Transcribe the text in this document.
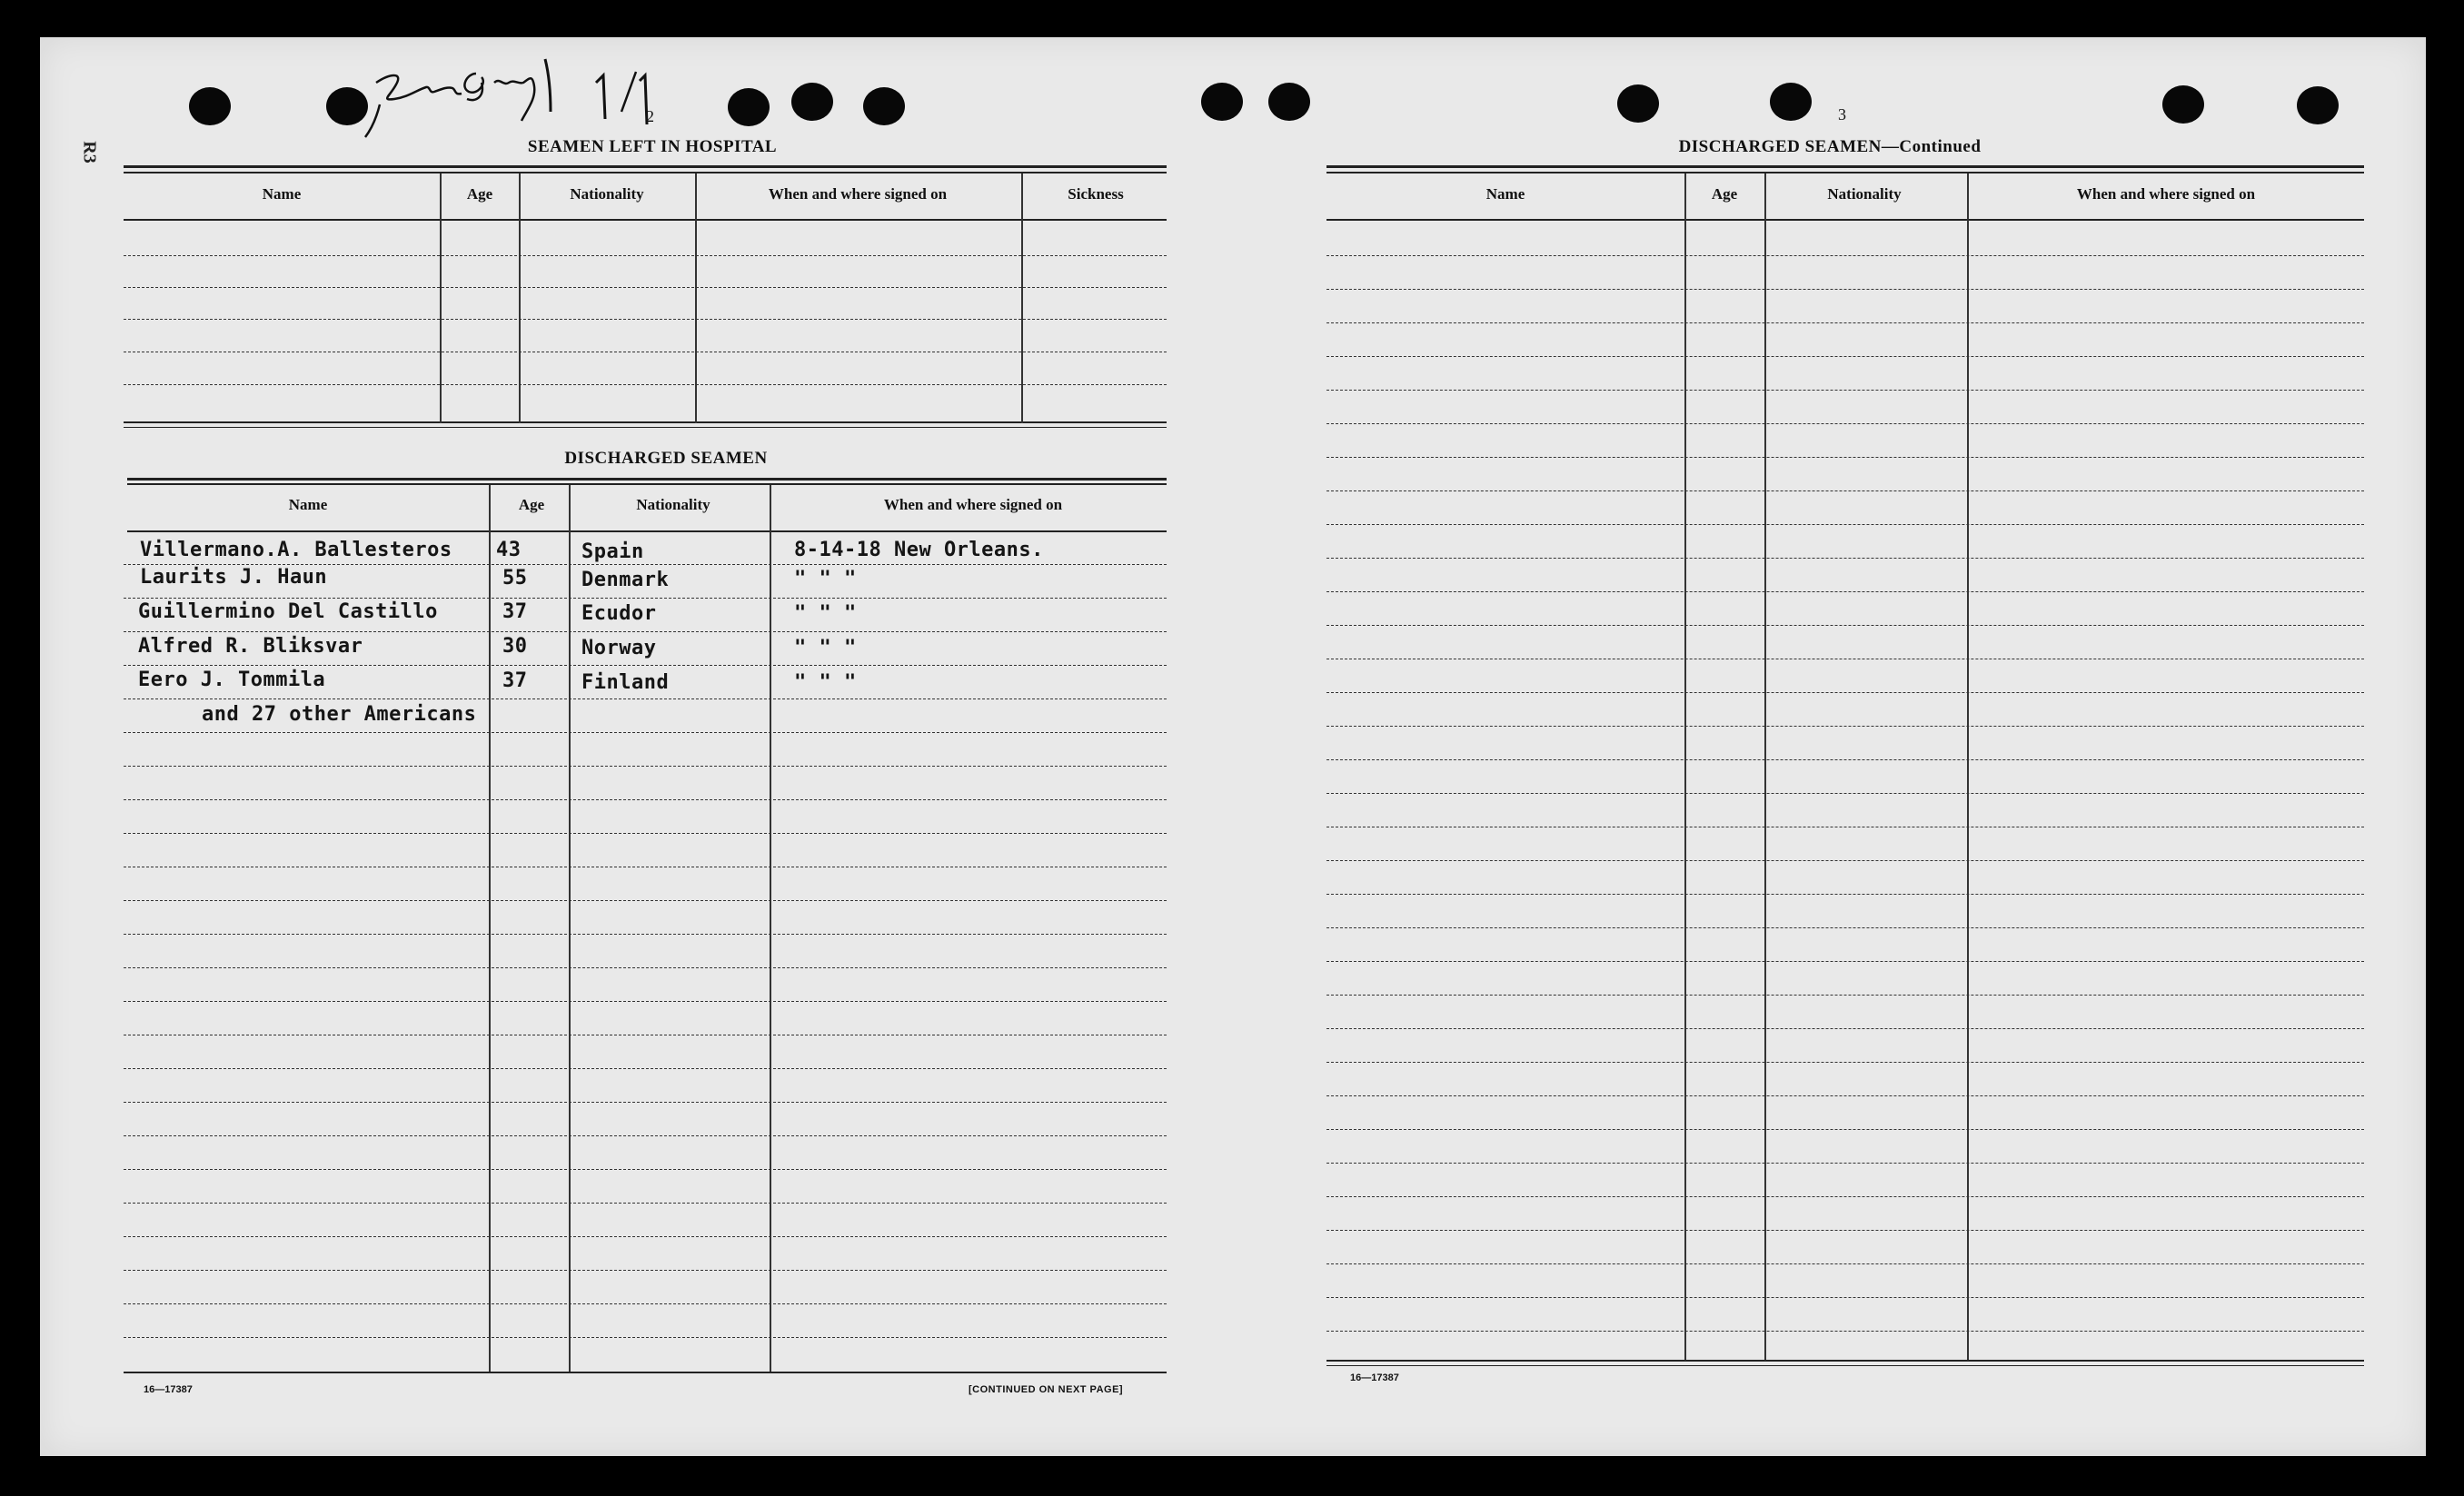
R3
2
SEAMEN LEFT IN HOSPITAL
Name	Age	Nationality	When and where signed on	Sickness
DISCHARGED SEAMEN
Name	Age	Nationality	When and where signed on
Villermano.A. Ballesteros 43	Spain	8-14-18 New Orleans.
Laurits J. Haun	55	Denmark	" " "
Guillermino Del Castillo	37	Ecudor	" " "
Alfred R. Bliksvar	30	Norway	" " "
Eero J. Tommila	37	Finland	" " "
and 27 other Americans
16—17387	[CONTINUED ON NEXT PAGE]
3
DISCHARGED SEAMEN—Continued
Name	Age	Nationality	When and where signed on
16—17387
